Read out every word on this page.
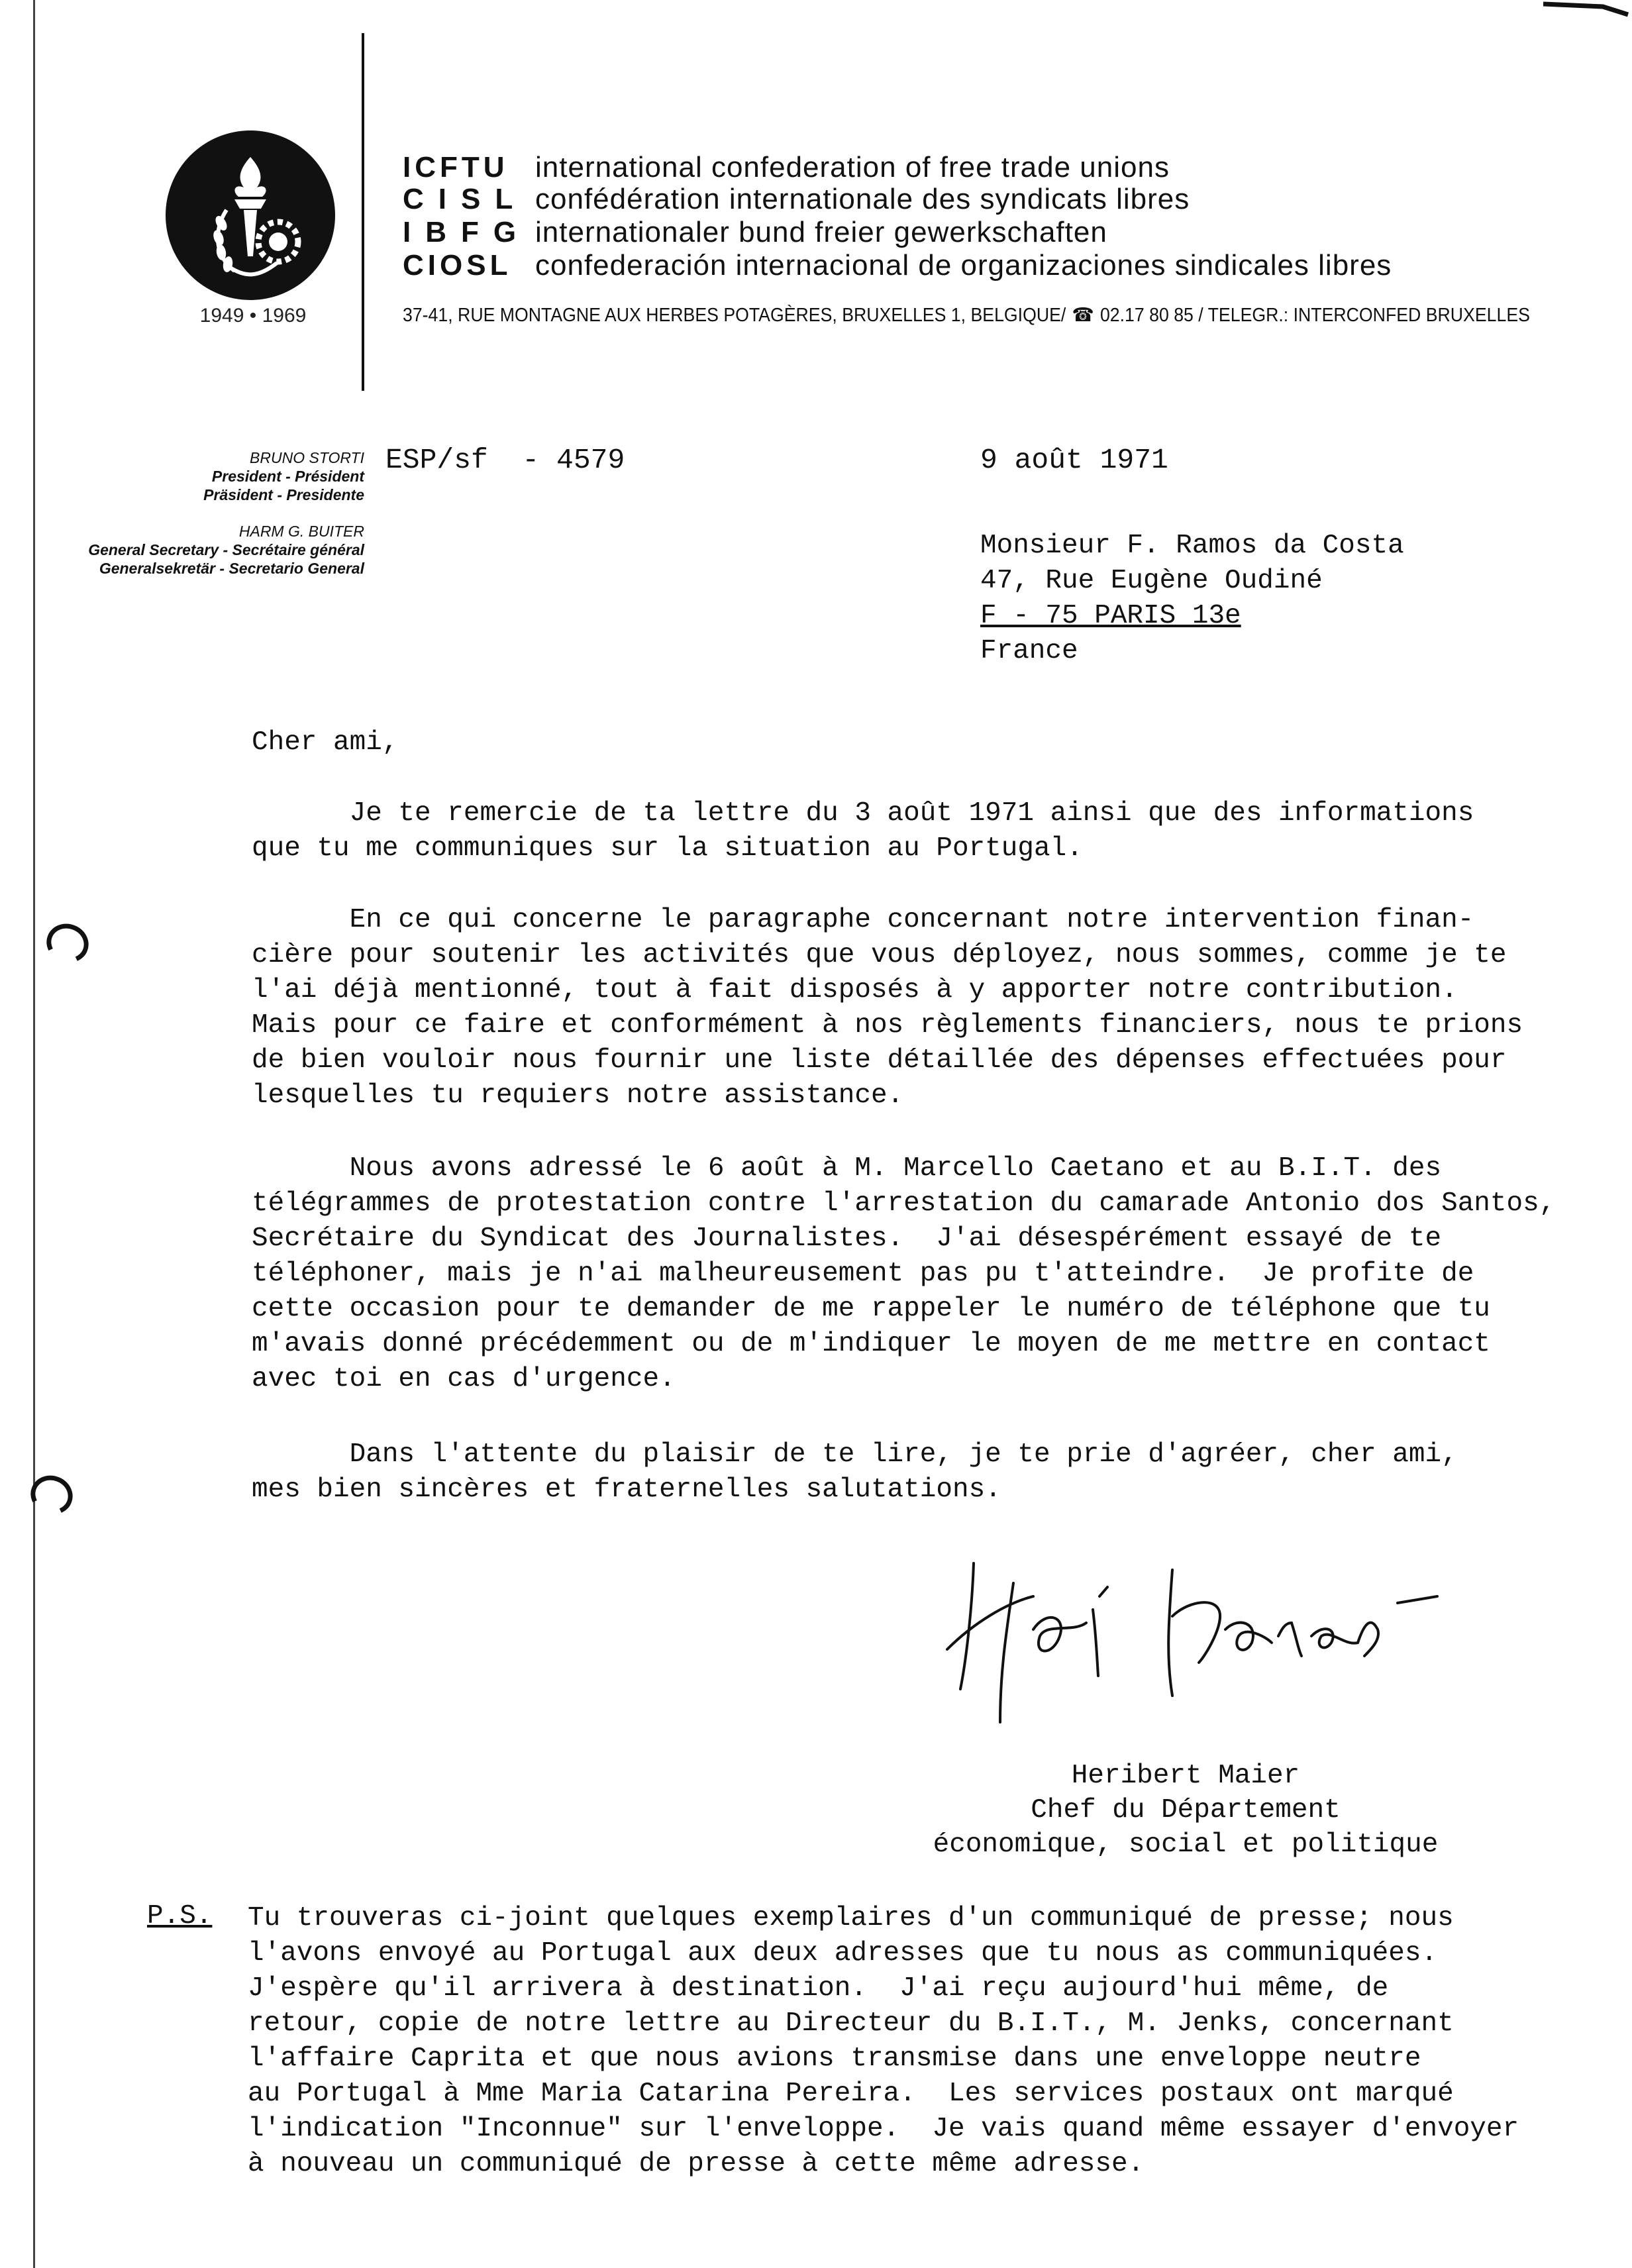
1949 • 1969
ICFTU international confederation of free trade unions
CISL confédération internationale des syndicats libres
IBFG internationaler bund freier gewerkschaften
CIOSL confederación internacional de organizaciones sindicales libres
37-41, RUE MONTAGNE AUX HERBES POTAGÈRES, BRUXELLES 1, BELGIQUE/ ☎ 02.17 80 85 / TELEGR.: INTERCONFED BRUXELLES
BRUNO STORTI
President - Président
Präsident - Presidente
HARM G. BUITER
General Secretary - Secrétaire général
Generalsekretär - Secretario General
ESP/sf  - 4579	9 août 1971
Monsieur F. Ramos da Costa
47, Rue Eugène Oudiné
F - 75 PARIS 13e
France
Cher ami,
Je te remercie de ta lettre du 3 août 1971 ainsi que des informations
que tu me communiques sur la situation au Portugal.
En ce qui concerne le paragraphe concernant notre intervention finan-
cière pour soutenir les activités que vous déployez, nous sommes, comme je te
l'ai déjà mentionné, tout à fait disposés à y apporter notre contribution.
Mais pour ce faire et conformément à nos règlements financiers, nous te prions
de bien vouloir nous fournir une liste détaillée des dépenses effectuées pour
lesquelles tu requiers notre assistance.
Nous avons adressé le 6 août à M. Marcello Caetano et au B.I.T. des
télégrammes de protestation contre l'arrestation du camarade Antonio dos Santos,
Secrétaire du Syndicat des Journalistes.  J'ai désespérément essayé de te
téléphoner, mais je n'ai malheureusement pas pu t'atteindre.  Je profite de
cette occasion pour te demander de me rappeler le numéro de téléphone que tu
m'avais donné précédemment ou de m'indiquer le moyen de me mettre en contact
avec toi en cas d'urgence.
Dans l'attente du plaisir de te lire, je te prie d'agréer, cher ami,
mes bien sincères et fraternelles salutations.
Heribert Maier
Chef du Département
économique, social et politique
P.S. Tu trouveras ci-joint quelques exemplaires d'un communiqué de presse; nous
l'avons envoyé au Portugal aux deux adresses que tu nous as communiquées.
J'espère qu'il arrivera à destination.  J'ai reçu aujourd'hui même, de
retour, copie de notre lettre au Directeur du B.I.T., M. Jenks, concernant
l'affaire Caprita et que nous avions transmise dans une enveloppe neutre
au Portugal à Mme Maria Catarina Pereira.  Les services postaux ont marqué
l'indication "Inconnue" sur l'enveloppe.  Je vais quand même essayer d'envoyer
à nouveau un communiqué de presse à cette même adresse.
